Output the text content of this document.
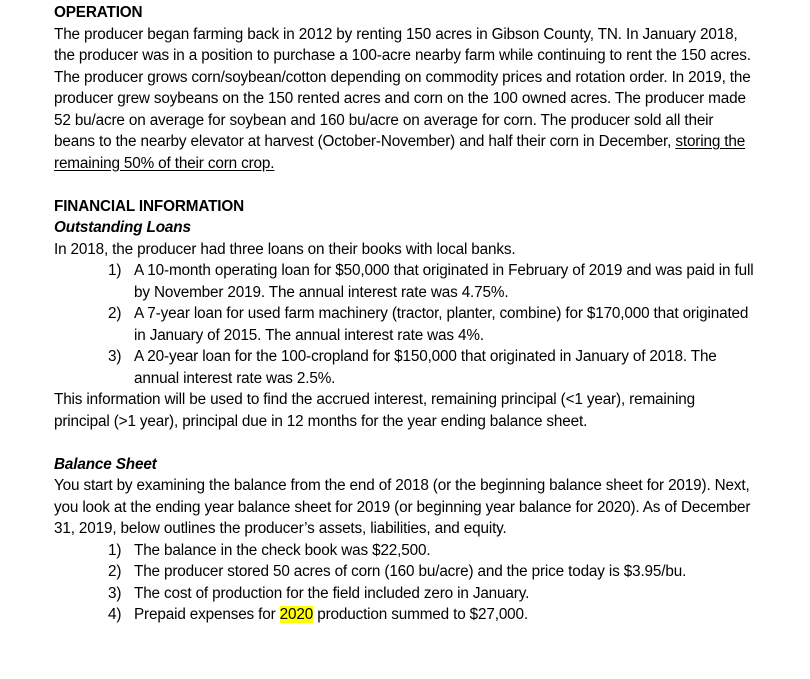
OPERATION

The producer began farming back in 2012 by renting 150 acres in Gibson County, TN. In January 2018, the producer was in a position to purchase a 100-acre nearby farm while continuing to rent the 150 acres. The producer grows corn/soybean/cotton depending on commodity prices and rotation order. In 2019, the producer grew soybeans on the 150 rented acres and corn on the 100 owned acres. The producer made 52 bu/acre on average for soybean and 160 bu/acre on average for corn. The producer sold all their beans to the nearby elevator at harvest (October-November) and half their corn in December, storing the remaining 50% of their corn crop.

FINANCIAL INFORMATION

Outstanding Loans

In 2018, the producer had three loans on their books with local banks.

1) A 10-month operating loan for $50,000 that originated in February of 2019 and was paid in full by November 2019. The annual interest rate was 4.75%.
2) A 7-year loan for used farm machinery (tractor, planter, combine) for $170,000 that originated in January of 2015. The annual interest rate was 4%.
3) A 20-year loan for the 100-cropland for $150,000 that originated in January of 2018. The annual interest rate was 2.5%.

This information will be used to find the accrued interest, remaining principal (<1 year), remaining principal (>1 year), principal due in 12 months for the year ending balance sheet.

Balance Sheet

You start by examining the balance from the end of 2018 (or the beginning balance sheet for 2019). Next, you look at the ending year balance sheet for 2019 (or beginning year balance for 2020). As of December 31, 2019, below outlines the producer’s assets, liabilities, and equity.

1) The balance in the check book was $22,500.
2) The producer stored 50 acres of corn (160 bu/acre) and the price today is $3.95/bu.
3) The cost of production for the field included zero in January.
4) Prepaid expenses for 2020 production summed to $27,000.
